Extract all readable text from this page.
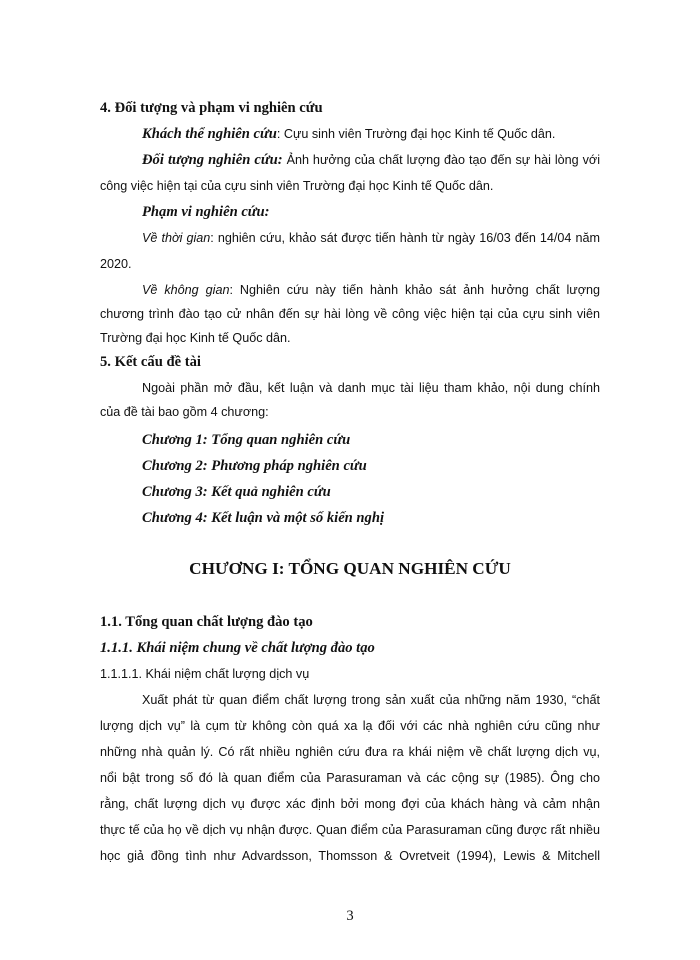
4. Đối tượng và phạm vi nghiên cứu

Khách thể nghiên cứu: Cựu sinh viên Trường đại học Kinh tế Quốc dân.

Đối tượng nghiên cứu: Ảnh hưởng của chất lượng đào tạo đến sự hài lòng với

công việc hiện tại của cựu sinh viên Trường đại học Kinh tế Quốc dân.

Phạm vi nghiên cứu:

Về thời gian: nghiên cứu, khảo sát được tiến hành từ ngày 16/03 đến 14/04 năm

2020.

Về không gian: Nghiên cứu này tiến hành khảo sát ảnh hưởng chất lượng

chương trình đào tạo cử nhân đến sự hài lòng về công việc hiện tại của cựu sinh viên

Trường đại học Kinh tế Quốc dân.

5. Kết cấu đề tài

Ngoài phần mở đầu, kết luận và danh mục tài liệu tham khảo, nội dung chính

của đề tài bao gồm 4 chương:

Chương 1: Tổng quan nghiên cứu

Chương 2: Phương pháp nghiên cứu

Chương 3: Kết quả nghiên cứu

Chương 4: Kết luận và một số kiến nghị

CHƯƠNG I: TỔNG QUAN NGHIÊN CỨU

1.1. Tổng quan chất lượng đào tạo

1.1.1. Khái niệm chung về chất lượng đào tạo

1.1.1.1. Khái niệm chất lượng dịch vụ

Xuất phát từ quan điểm chất lượng trong sản xuất của những năm 1930, “chất

lượng dịch vụ” là cụm từ không còn quá xa lạ đối với các nhà nghiên cứu cũng như

những nhà quản lý. Có rất nhiều nghiên cứu đưa ra khái niệm về chất lượng dịch vụ,

nổi bật trong số đó là quan điểm của Parasuraman và các cộng sự (1985). Ông cho

rằng, chất lượng dịch vụ được xác định bởi mong đợi của khách hàng và cảm nhận

thực tế của họ về dịch vụ nhận được. Quan điểm của Parasuraman cũng được rất nhiều

học giả đồng tình như Advardsson, Thomsson & Ovretveit (1994), Lewis & Mitchell

3
